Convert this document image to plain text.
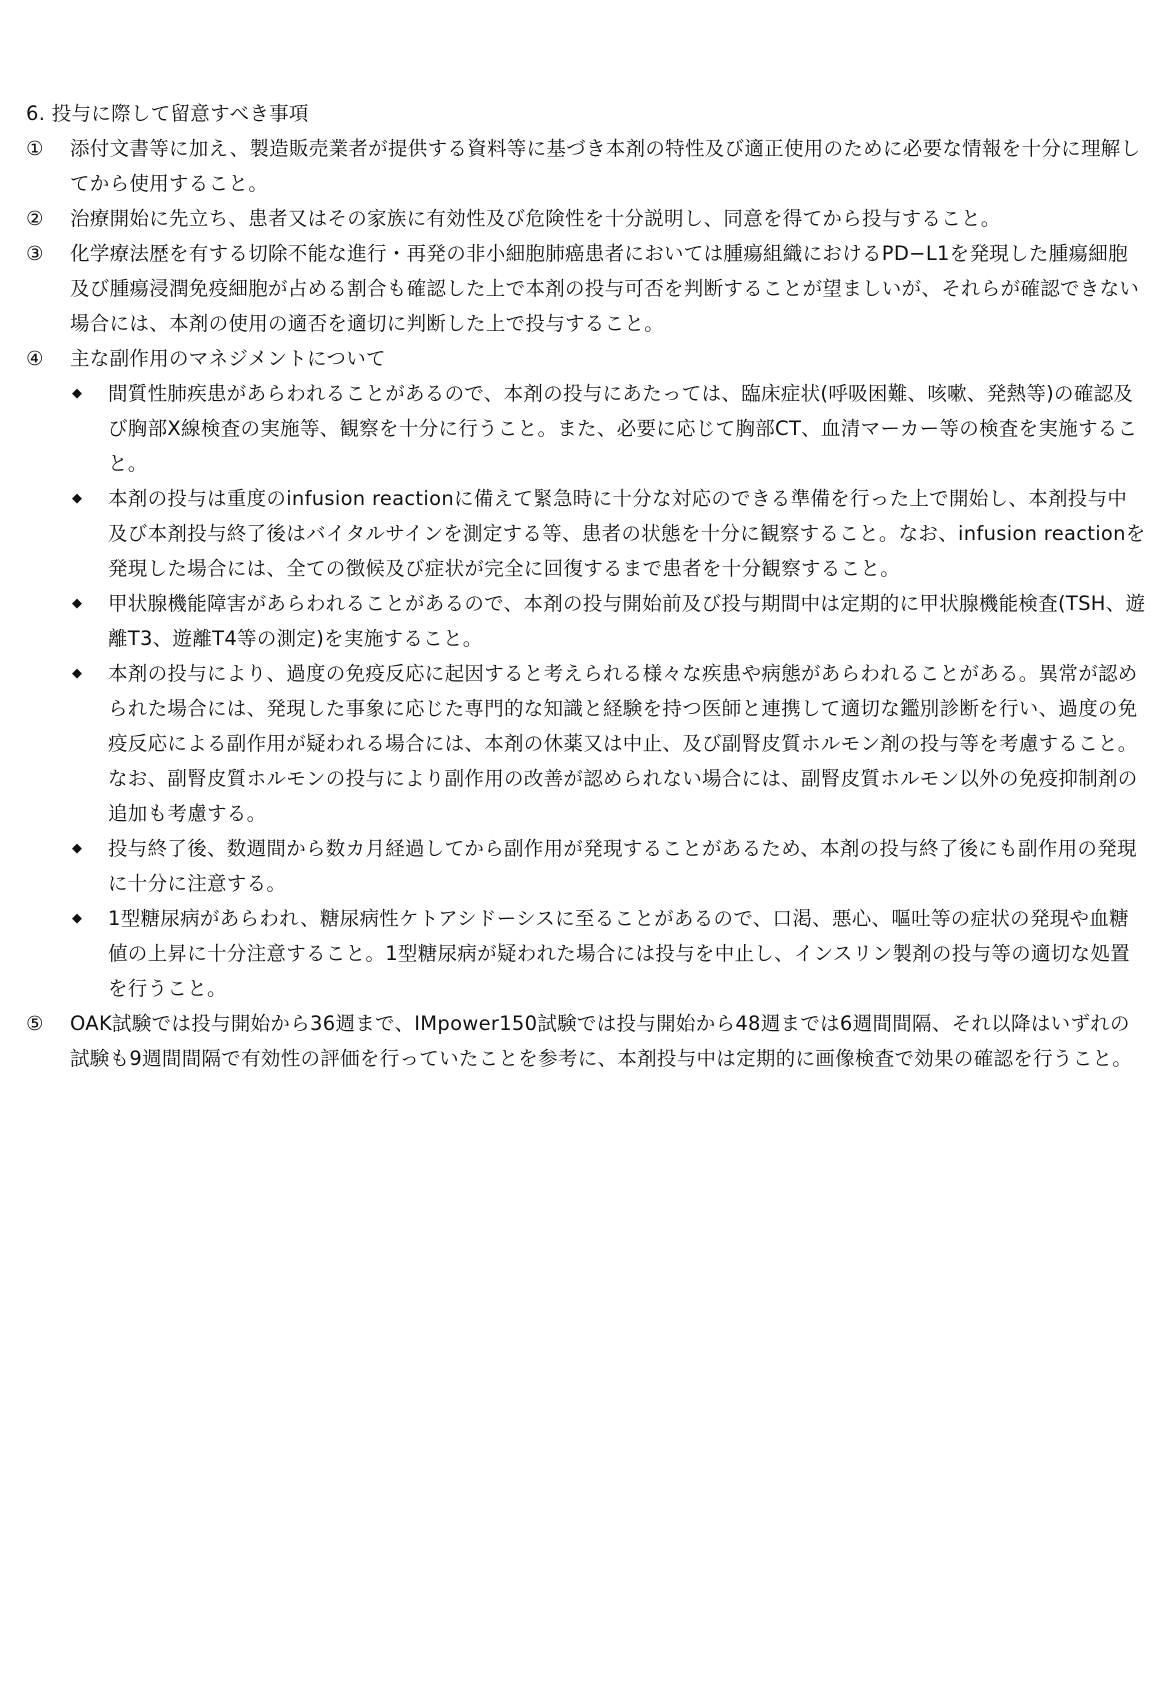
6. 投与に際して留意すべき事項
①	添付文書等に加え、製造販売業者が提供する資料等に基づき本剤の特性及び適正使用のために必要な情報を十分に理解してから使用すること。
②	治療開始に先立ち、患者又はその家族に有効性及び危険性を十分説明し、同意を得てから投与すること。
③	化学療法歴を有する切除不能な進行・再発の非小細胞肺癌患者においては腫瘍組織におけるPD−L1を発現した腫瘍細胞及び腫瘍浸潤免疫細胞が占める割合も確認した上で本剤の投与可否を判断することが望ましいが、それらが確認できない場合には、本剤の使用の適否を適切に判断した上で投与すること。
④	主な副作用のマネジメントについて
◆	間質性肺疾患があらわれることがあるので、本剤の投与にあたっては、臨床症状(呼吸困難、咳嗽、発熱等)の確認及び胸部X線検査の実施等、観察を十分に行うこと。また、必要に応じて胸部CT、血清マーカー等の検査を実施すること。
◆	本剤の投与は重度のinfusion reactionに備えて緊急時に十分な対応のできる準備を行った上で開始し、本剤投与中及び本剤投与終了後はバイタルサインを測定する等、患者の状態を十分に観察すること。なお、infusion reactionを発現した場合には、全ての徴候及び症状が完全に回復するまで患者を十分観察すること。
◆	甲状腺機能障害があらわれることがあるので、本剤の投与開始前及び投与期間中は定期的に甲状腺機能検査(TSH、遊離T3、遊離T4等の測定)を実施すること。
◆	本剤の投与により、過度の免疫反応に起因すると考えられる様々な疾患や病態があらわれることがある。異常が認められた場合には、発現した事象に応じた専門的な知識と経験を持つ医師と連携して適切な鑑別診断を行い、過度の免疫反応による副作用が疑われる場合には、本剤の休薬又は中止、及び副腎皮質ホルモン剤の投与等を考慮すること。なお、副腎皮質ホルモンの投与により副作用の改善が認められない場合には、副腎皮質ホルモン以外の免疫抑制剤の追加も考慮する。
◆	投与終了後、数週間から数カ月経過してから副作用が発現することがあるため、本剤の投与終了後にも副作用の発現に十分に注意する。
◆	1型糖尿病があらわれ、糖尿病性ケトアシドーシスに至ることがあるので、口渇、悪心、嘔吐等の症状の発現や血糖値の上昇に十分注意すること。1型糖尿病が疑われた場合には投与を中止し、インスリン製剤の投与等の適切な処置を行うこと。
⑤	OAK試験では投与開始から36週まで、IMpower150試験では投与開始から48週までは6週間間隔、それ以降はいずれの試験も9週間間隔で有効性の評価を行っていたことを参考に、本剤投与中は定期的に画像検査で効果の確認を行うこと。
